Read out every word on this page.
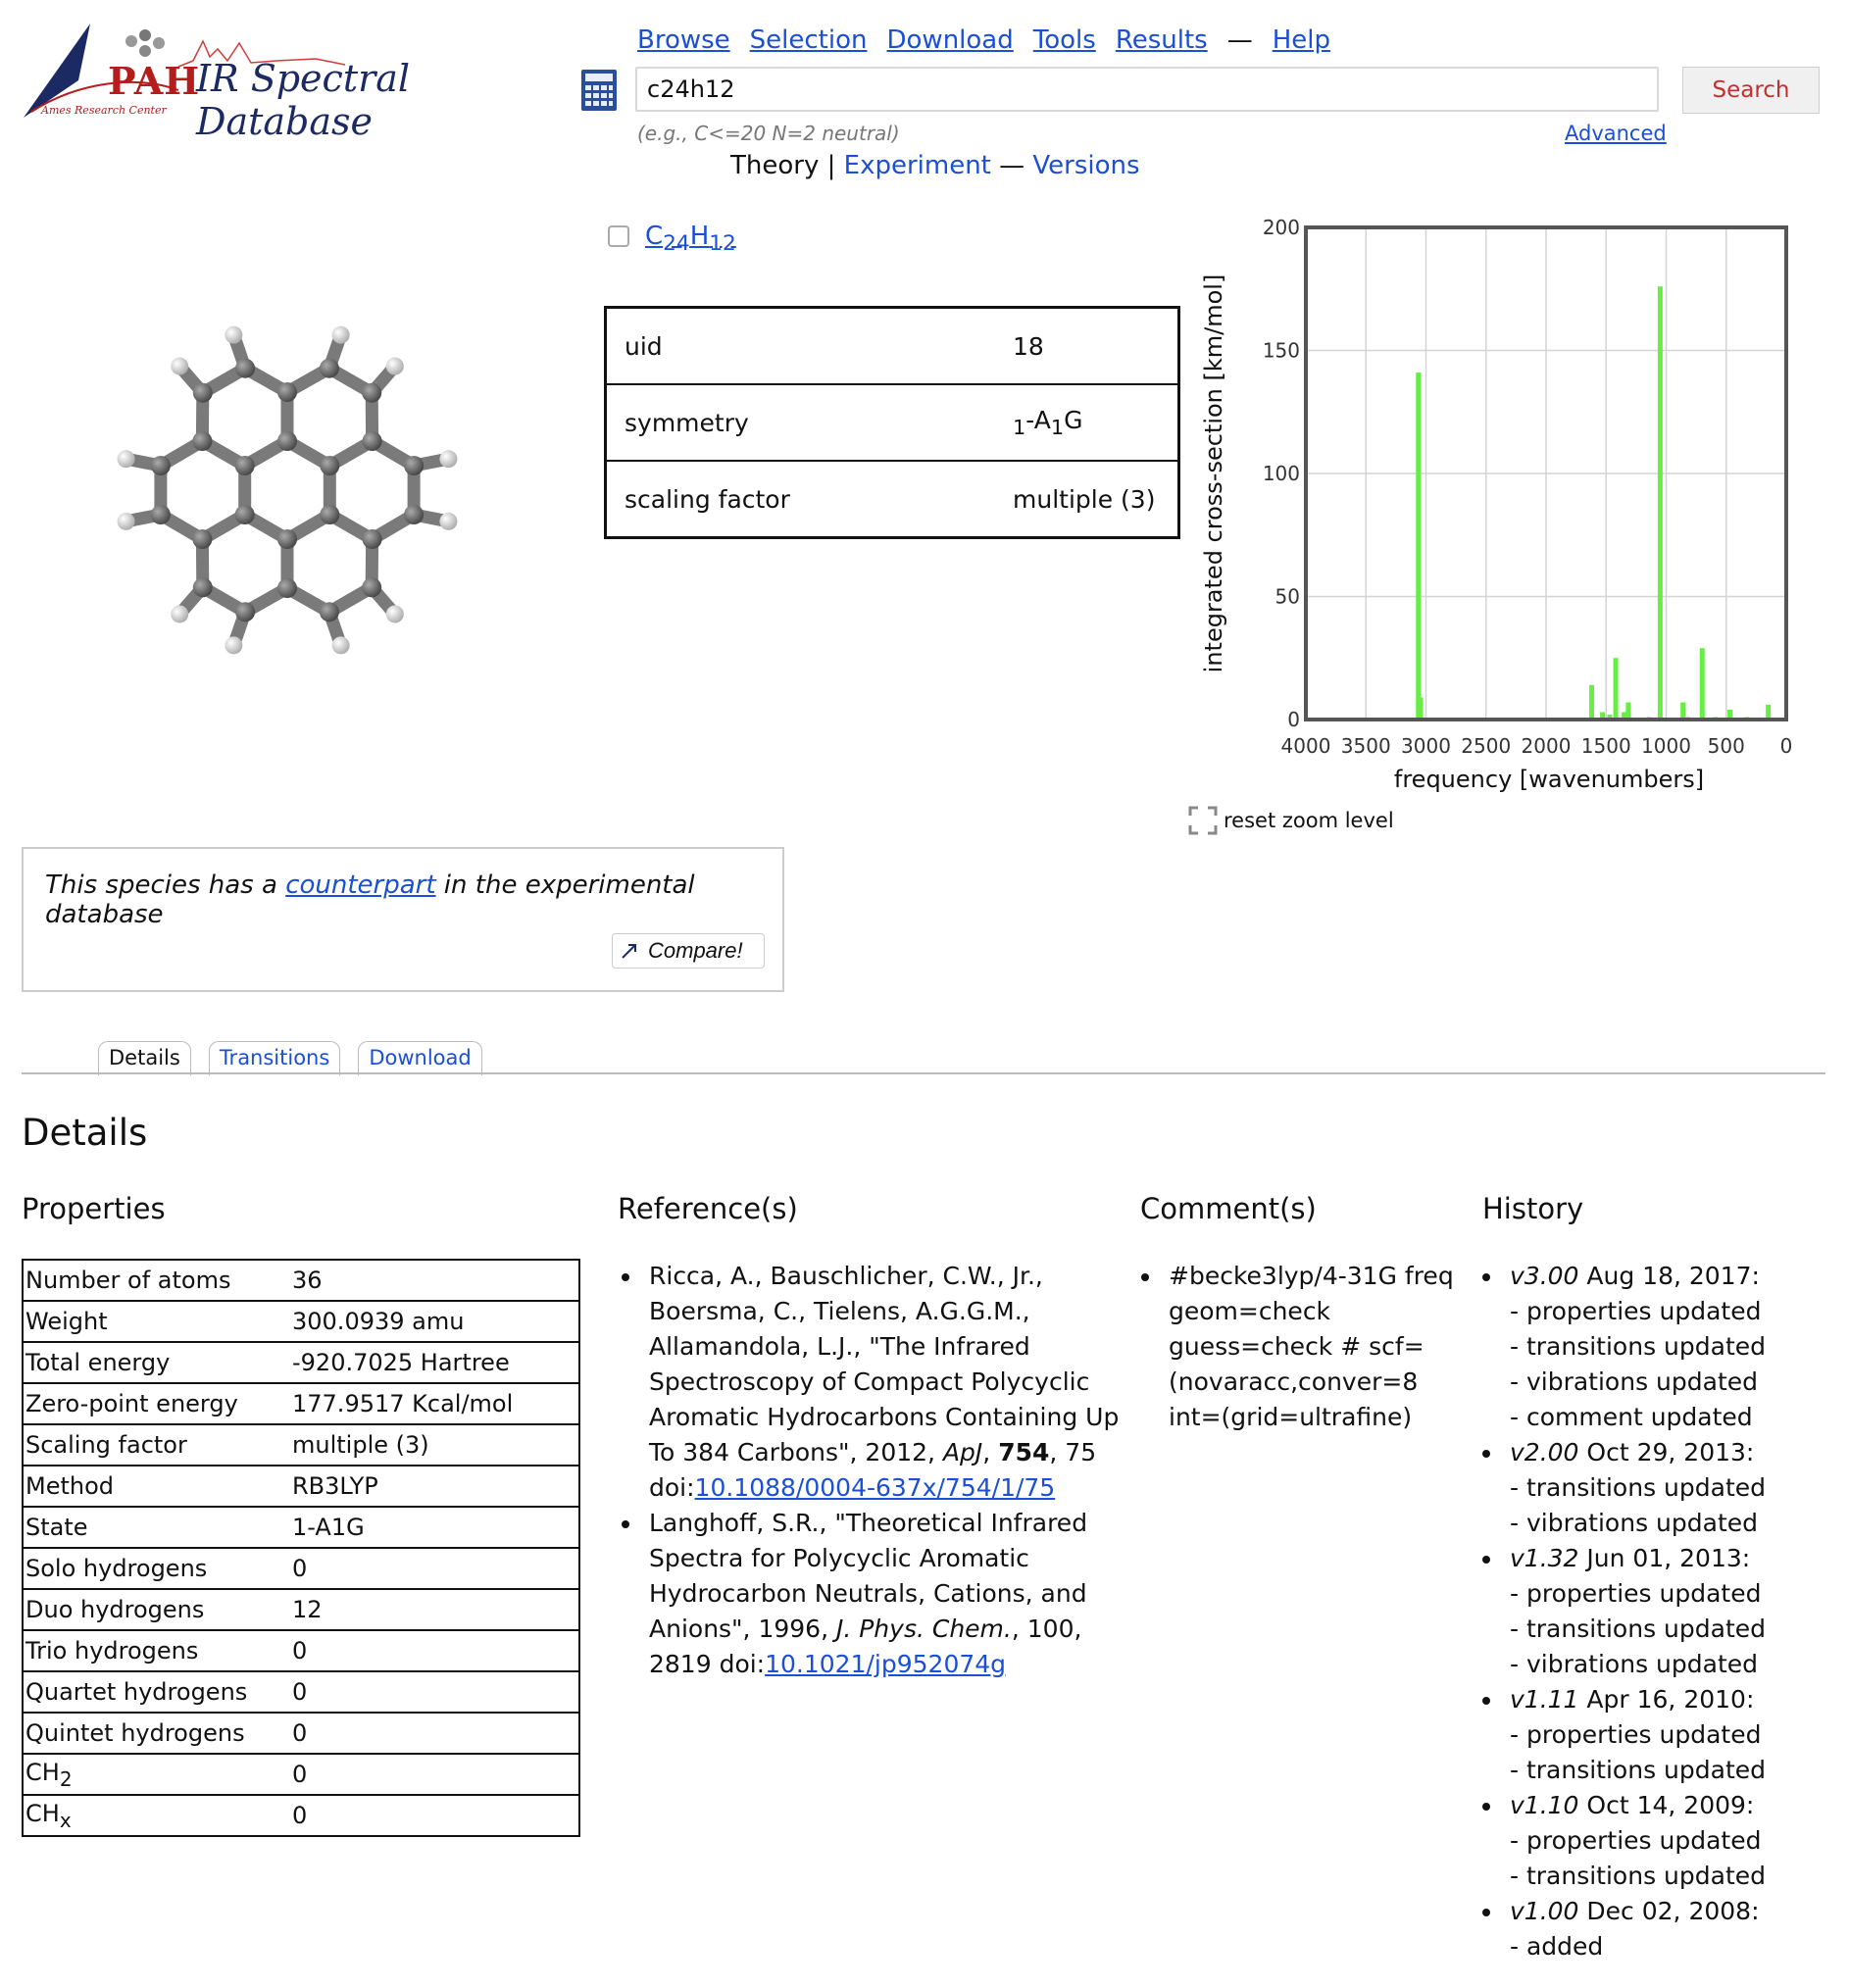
PAH
IR Spectral Database
Ames Research Center
Browse Selection Download Tools Results — Help
c24h12
Search
(e.g., C<=20 N=2 neutral)	Advanced
Theory | Experiment — Versions
$C_{24}H_{12}$
uid	18
symmetry	$_1-A_1G$
scaling factor	multiple (3)
0
50
100
150
200
4000 3500 3000 2500 2000 1500 1000 500 0
frequency [wavenumbers]
integrated cross-section [km/mol]
reset zoom level
This species has a counterpart in the experimental database
Compare!
Details	Transitions	Download
Details
Properties	Reference(s)	Comment(s)	History
Number of atoms	36
Weight	300.0939 amu
Total energy	-920.7025 Hartree
Zero-point energy	177.9517 Kcal/mol
Scaling factor	multiple (3)
Method	RB3LYP
State	1-A1G
Solo hydrogens	0
Duo hydrogens	12
Trio hydrogens	0
Quartet hydrogens	0
Quintet hydrogens	0
$CH_2$	0
$CH_x$	0
• Ricca, A., Bauschlicher, C.W., Jr., Boersma, C., Tielens, A.G.G.M., Allamandola, L.J., "The Infrared Spectroscopy of Compact Polycyclic Aromatic Hydrocarbons Containing Up To 384 Carbons", 2012, ApJ, 754, 75 doi:10.1088/0004-637x/754/1/75
• Langhoff, S.R., "Theoretical Infrared Spectra for Polycyclic Aromatic Hydrocarbon Neutrals, Cations, and Anions", 1996, J. Phys. Chem., 100, 2819 doi:10.1021/jp952074g
• #becke3lyp/4-31G freq geom=check guess=check # scf=(novaracc,conver=8 int=(grid=ultrafine)
• v3.00 Aug 18, 2017:
- properties updated
- transitions updated
- vibrations updated
- comment updated
• v2.00 Oct 29, 2013:
- transitions updated
- vibrations updated
• v1.32 Jun 01, 2013:
- properties updated
- transitions updated
- vibrations updated
• v1.11 Apr 16, 2010:
- properties updated
- transitions updated
• v1.10 Oct 14, 2009:
- properties updated
- transitions updated
• v1.00 Dec 02, 2008:
- added
